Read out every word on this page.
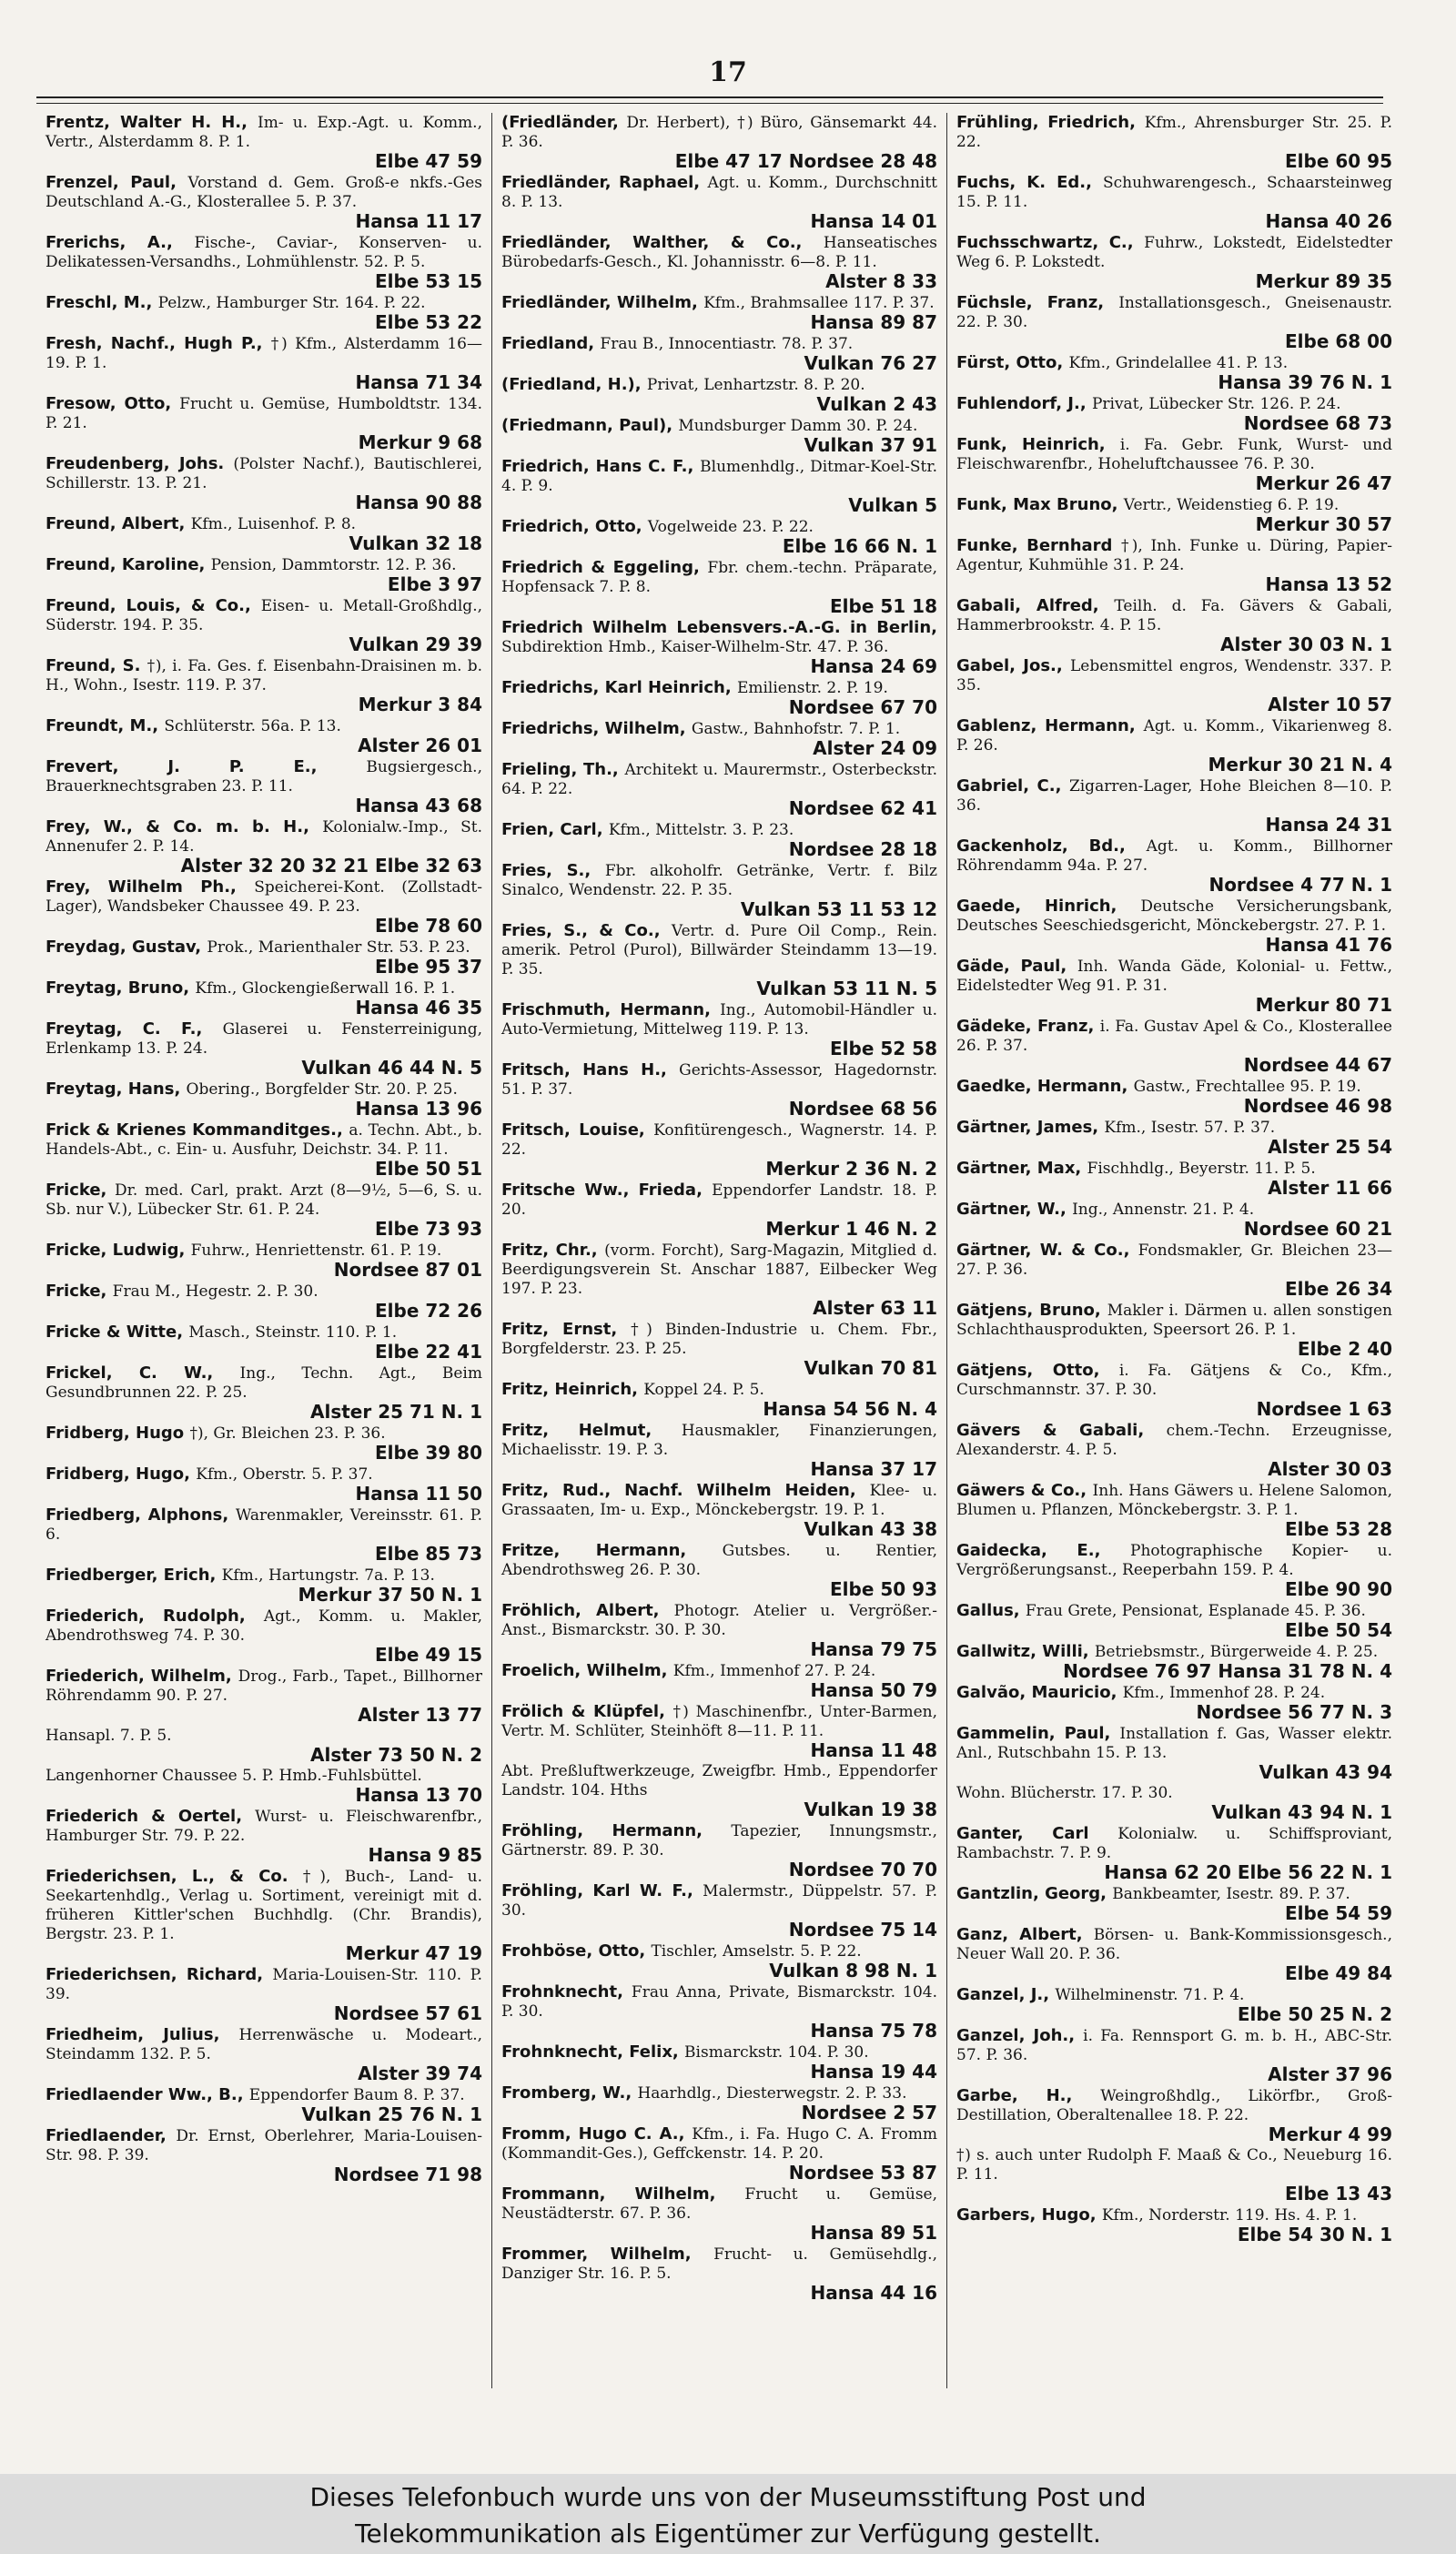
17
Frentz, Walter H. H., Im- u. Exp.-Agt. u. Komm., Vertr., Alsterdamm 8. P. 1.
Elbe 47 59
Frenzel, Paul, Vorstand d. Gem. Groß-e nkfs.-Ges Deutschland A.-G., Klosterallee 5. P. 37.
Hansa 11 17
Frerichs, A., Fische-, Caviar-, Konserven- u. Delikatessen-Versandhs., Lohmühlenstr. 52. P. 5.
Elbe 53 15
Freschl, M., Pelzw., Hamburger Str. 164. P. 22.
Elbe 53 22
Fresh, Nachf., Hugh P., †) Kfm., Alsterdamm 16—19. P. 1.
Hansa 71 34
Fresow, Otto, Frucht u. Gemüse, Humboldtstr. 134. P. 21.
Merkur 9 68
Freudenberg, Johs. (Polster Nachf.), Bautischlerei, Schillerstr. 13. P. 21.
Hansa 90 88
Freund, Albert, Kfm., Luisenhof. P. 8.
Vulkan 32 18
Freund, Karoline, Pension, Dammtorstr. 12. P. 36.
Elbe 3 97
Freund, Louis, & Co., Eisen- u. Metall-Großhdlg., Süderstr. 194. P. 35.
Vulkan 29 39
Freund, S. †), i. Fa. Ges. f. Eisenbahn-Draisinen m. b. H., Wohn., Isestr. 119. P. 37.
Merkur 3 84
Freundt, M., Schlüterstr. 56a. P. 13.
Alster 26 01
Frevert, J. P. E., Bugsiergesch., Brauerknechtsgraben 23. P. 11.
Hansa 43 68
Frey, W., & Co. m. b. H., Kolonialw.-Imp., St. Annenufer 2. P. 14.
Alster 32 20 32 21 Elbe 32 63
Frey, Wilhelm Ph., Speicherei-Kont. (Zollstadt-Lager), Wandsbeker Chaussee 49. P. 23.
Elbe 78 60
Freydag, Gustav, Prok., Marienthaler Str. 53. P. 23.
Elbe 95 37
Freytag, Bruno, Kfm., Glockengießerwall 16. P. 1.
Hansa 46 35
Freytag, C. F., Glaserei u. Fensterreinigung, Erlenkamp 13. P. 24.
Vulkan 46 44 N. 5
Freytag, Hans, Obering., Borgfelder Str. 20. P. 25.
Hansa 13 96
Frick & Krienes Kommanditges., a. Techn. Abt., b. Handels-Abt., c. Ein- u. Ausfuhr, Deichstr. 34. P. 11.
Elbe 50 51
Fricke, Dr. med. Carl, prakt. Arzt (8—9½, 5—6, S. u. Sb. nur V.), Lübecker Str. 61. P. 24.
Elbe 73 93
Fricke, Ludwig, Fuhrw., Henriettenstr. 61. P. 19.
Nordsee 87 01
Fricke, Frau M., Hegestr. 2. P. 30.
Elbe 72 26
Fricke & Witte, Masch., Steinstr. 110. P. 1.
Elbe 22 41
Frickel, C. W., Ing., Techn. Agt., Beim Gesundbrunnen 22. P. 25.
Alster 25 71 N. 1
Fridberg, Hugo †), Gr. Bleichen 23. P. 36.
Elbe 39 80
Fridberg, Hugo, Kfm., Oberstr. 5. P. 37.
Hansa 11 50
Friedberg, Alphons, Warenmakler, Vereinsstr. 61. P. 6.
Elbe 85 73
Friedberger, Erich, Kfm., Hartungstr. 7a. P. 13.
Merkur 37 50 N. 1
Friederich, Rudolph, Agt., Komm. u. Makler, Abendrothsweg 74. P. 30.
Elbe 49 15
Friederich, Wilhelm, Drog., Farb., Tapet., Billhorner Röhrendamm 90. P. 27.
Alster 13 77
Hansapl. 7. P. 5.
Alster 73 50 N. 2
Langenhorner Chaussee 5. P. Hmb.-Fuhlsbüttel.
Hansa 13 70
Friederich & Oertel, Wurst- u. Fleischwarenfbr., Hamburger Str. 79. P. 22.
Hansa 9 85
Friederichsen, L., & Co. †), Buch-, Land- u. Seekartenhdlg., Verlag u. Sortiment, vereinigt mit d. früheren Kittler'schen Buchhdlg. (Chr. Brandis), Bergstr. 23. P. 1.
Merkur 47 19
Friederichsen, Richard, Maria-Louisen-Str. 110. P. 39.
Nordsee 57 61
Friedheim, Julius, Herrenwäsche u. Modeart., Steindamm 132. P. 5.
Alster 39 74
Friedlaender Ww., B., Eppendorfer Baum 8. P. 37.
Vulkan 25 76 N. 1
Friedlaender, Dr. Ernst, Oberlehrer, Maria-Louisen-Str. 98. P. 39.
Nordsee 71 98
(Friedländer, Dr. Herbert), †) Büro, Gänsemarkt 44. P. 36.
Elbe 47 17 Nordsee 28 48
Friedländer, Raphael, Agt. u. Komm., Durchschnitt 8. P. 13.
Hansa 14 01
Friedländer, Walther, & Co., Hanseatisches Bürobedarfs-Gesch., Kl. Johannisstr. 6—8. P. 11.
Alster 8 33
Friedländer, Wilhelm, Kfm., Brahmsallee 117. P. 37.
Hansa 89 87
Friedland, Frau B., Innocentiastr. 78. P. 37.
Vulkan 76 27
(Friedland, H.), Privat, Lenhartzstr. 8. P. 20.
Vulkan 2 43
(Friedmann, Paul), Mundsburger Damm 30. P. 24.
Vulkan 37 91
Friedrich, Hans C. F., Blumenhdlg., Ditmar-Koel-Str. 4. P. 9.
Vulkan 5
Friedrich, Otto, Vogelweide 23. P. 22.
Elbe 16 66 N. 1
Friedrich & Eggeling, Fbr. chem.-techn. Präparate, Hopfensack 7. P. 8.
Elbe 51 18
Friedrich Wilhelm Lebensvers.-A.-G. in Berlin, Subdirektion Hmb., Kaiser-Wilhelm-Str. 47. P. 36.
Hansa 24 69
Friedrichs, Karl Heinrich, Emilienstr. 2. P. 19.
Nordsee 67 70
Friedrichs, Wilhelm, Gastw., Bahnhofstr. 7. P. 1.
Alster 24 09
Frieling, Th., Architekt u. Maurermstr., Osterbeckstr. 64. P. 22.
Nordsee 62 41
Frien, Carl, Kfm., Mittelstr. 3. P. 23.
Nordsee 28 18
Fries, S., Fbr. alkoholfr. Getränke, Vertr. f. Bilz Sinalco, Wendenstr. 22. P. 35.
Vulkan 53 11 53 12
Fries, S., & Co., Vertr. d. Pure Oil Comp., Rein. amerik. Petrol (Purol), Billwärder Steindamm 13—19. P. 35.
Vulkan 53 11 N. 5
Frischmuth, Hermann, Ing., Automobil-Händler u. Auto-Vermietung, Mittelweg 119. P. 13.
Elbe 52 58
Fritsch, Hans H., Gerichts-Assessor, Hagedornstr. 51. P. 37.
Nordsee 68 56
Fritsch, Louise, Konfitürengesch., Wagnerstr. 14. P. 22.
Merkur 2 36 N. 2
Fritsche Ww., Frieda, Eppendorfer Landstr. 18. P. 20.
Merkur 1 46 N. 2
Fritz, Chr., (vorm. Forcht), Sarg-Magazin, Mitglied d. Beerdigungsverein St. Anschar 1887, Eilbecker Weg 197. P. 23.
Alster 63 11
Fritz, Ernst, †) Binden-Industrie u. Chem. Fbr., Borgfelderstr. 23. P. 25.
Vulkan 70 81
Fritz, Heinrich, Koppel 24. P. 5.
Hansa 54 56 N. 4
Fritz, Helmut, Hausmakler, Finanzierungen, Michaelisstr. 19. P. 3.
Hansa 37 17
Fritz, Rud., Nachf. Wilhelm Heiden, Klee- u. Grassaaten, Im- u. Exp., Mönckebergstr. 19. P. 1.
Vulkan 43 38
Fritze, Hermann, Gutsbes. u. Rentier, Abendrothsweg 26. P. 30.
Elbe 50 93
Fröhlich, Albert, Photogr. Atelier u. Vergrößer.-Anst., Bismarckstr. 30. P. 30.
Hansa 79 75
Froelich, Wilhelm, Kfm., Immenhof 27. P. 24.
Hansa 50 79
Frölich & Klüpfel, †) Maschinenfbr., Unter-Barmen, Vertr. M. Schlüter, Steinhöft 8—11. P. 11.
Hansa 11 48
Abt. Preßluftwerkzeuge, Zweigfbr. Hmb., Eppendorfer Landstr. 104. Hths
Vulkan 19 38
Fröhling, Hermann, Tapezier, Innungsmstr., Gärtnerstr. 89. P. 30.
Nordsee 70 70
Fröhling, Karl W. F., Malermstr., Düppelstr. 57. P. 30.
Nordsee 75 14
Frohböse, Otto, Tischler, Amselstr. 5. P. 22.
Vulkan 8 98 N. 1
Frohnknecht, Frau Anna, Private, Bismarckstr. 104. P. 30.
Hansa 75 78
Frohnknecht, Felix, Bismarckstr. 104. P. 30.
Hansa 19 44
Fromberg, W., Haarhdlg., Diesterwegstr. 2. P. 33.
Nordsee 2 57
Fromm, Hugo C. A., Kfm., i. Fa. Hugo C. A. Fromm (Kommandit-Ges.), Geffckenstr. 14. P. 20.
Nordsee 53 87
Frommann, Wilhelm, Frucht u. Gemüse, Neustädterstr. 67. P. 36.
Hansa 89 51
Frommer, Wilhelm, Frucht- u. Gemüsehdlg., Danziger Str. 16. P. 5.
Hansa 44 16
Frühling, Friedrich, Kfm., Ahrensburger Str. 25. P. 22.
Elbe 60 95
Fuchs, K. Ed., Schuhwarengesch., Schaarsteinweg 15. P. 11.
Hansa 40 26
Fuchsschwartz, C., Fuhrw., Lokstedt, Eidelstedter Weg 6. P. Lokstedt.
Merkur 89 35
Füchsle, Franz, Installationsgesch., Gneisenaustr. 22. P. 30.
Elbe 68 00
Fürst, Otto, Kfm., Grindelallee 41. P. 13.
Hansa 39 76 N. 1
Fuhlendorf, J., Privat, Lübecker Str. 126. P. 24.
Nordsee 68 73
Funk, Heinrich, i. Fa. Gebr. Funk, Wurst- und Fleischwarenfbr., Hoheluftchaussee 76. P. 30.
Merkur 26 47
Funk, Max Bruno, Vertr., Weidenstieg 6. P. 19.
Merkur 30 57
Funke, Bernhard †), Inh. Funke u. Düring, Papier-Agentur, Kuhmühle 31. P. 24.
Hansa 13 52
Gabali, Alfred, Teilh. d. Fa. Gävers & Gabali, Hammerbrookstr. 4. P. 15.
Alster 30 03 N. 1
Gabel, Jos., Lebensmittel engros, Wendenstr. 337. P. 35.
Alster 10 57
Gablenz, Hermann, Agt. u. Komm., Vikarienweg 8. P. 26.
Merkur 30 21 N. 4
Gabriel, C., Zigarren-Lager, Hohe Bleichen 8—10. P. 36.
Hansa 24 31
Gackenholz, Bd., Agt. u. Komm., Billhorner Röhrendamm 94a. P. 27.
Nordsee 4 77 N. 1
Gaede, Hinrich, Deutsche Versicherungsbank, Deutsches Seeschiedsgericht, Mönckebergstr. 27. P. 1.
Hansa 41 76
Gäde, Paul, Inh. Wanda Gäde, Kolonial- u. Fettw., Eidelstedter Weg 91. P. 31.
Merkur 80 71
Gädeke, Franz, i. Fa. Gustav Apel & Co., Klosterallee 26. P. 37.
Nordsee 44 67
Gaedke, Hermann, Gastw., Frechtallee 95. P. 19.
Nordsee 46 98
Gärtner, James, Kfm., Isestr. 57. P. 37.
Alster 25 54
Gärtner, Max, Fischhdlg., Beyerstr. 11. P. 5.
Alster 11 66
Gärtner, W., Ing., Annenstr. 21. P. 4.
Nordsee 60 21
Gärtner, W. & Co., Fondsmakler, Gr. Bleichen 23—27. P. 36.
Elbe 26 34
Gätjens, Bruno, Makler i. Därmen u. allen sonstigen Schlachthausprodukten, Speersort 26. P. 1.
Elbe 2 40
Gätjens, Otto, i. Fa. Gätjens & Co., Kfm., Curschmannstr. 37. P. 30.
Nordsee 1 63
Gävers & Gabali, chem.-Techn. Erzeugnisse, Alexanderstr. 4. P. 5.
Alster 30 03
Gäwers & Co., Inh. Hans Gäwers u. Helene Salomon, Blumen u. Pflanzen, Mönckebergstr. 3. P. 1.
Elbe 53 28
Gaidecka, E., Photographische Kopier- u. Vergrößerungsanst., Reeperbahn 159. P. 4.
Elbe 90 90
Gallus, Frau Grete, Pensionat, Esplanade 45. P. 36.
Elbe 50 54
Gallwitz, Willi, Betriebsmstr., Bürgerweide 4. P. 25.
Nordsee 76 97 Hansa 31 78 N. 4
Galvão, Mauricio, Kfm., Immenhof 28. P. 24.
Nordsee 56 77 N. 3
Gammelin, Paul, Installation f. Gas, Wasser elektr. Anl., Rutschbahn 15. P. 13.
Vulkan 43 94
Wohn. Blücherstr. 17. P. 30.
Vulkan 43 94 N. 1
Ganter, Carl Kolonialw. u. Schiffsproviant, Rambachstr. 7. P. 9.
Hansa 62 20 Elbe 56 22 N. 1
Gantzlin, Georg, Bankbeamter, Isestr. 89. P. 37.
Elbe 54 59
Ganz, Albert, Börsen- u. Bank-Kommissionsgesch., Neuer Wall 20. P. 36.
Elbe 49 84
Ganzel, J., Wilhelminenstr. 71. P. 4.
Elbe 50 25 N. 2
Ganzel, Joh., i. Fa. Rennsport G. m. b. H., ABC-Str. 57. P. 36.
Alster 37 96
Garbe, H., Weingroßhdlg., Likörfbr., Groß-Destillation, Oberaltenallee 18. P. 22.
Merkur 4 99
†) s. auch unter Rudolph F. Maaß & Co., Neueburg 16. P. 11.
Elbe 13 43
Garbers, Hugo, Kfm., Norderstr. 119. Hs. 4. P. 1.
Elbe 54 30 N. 1
Dieses Telefonbuch wurde uns von der Museumsstiftung Post und
Telekommunikation als Eigentümer zur Verfügung gestellt.
